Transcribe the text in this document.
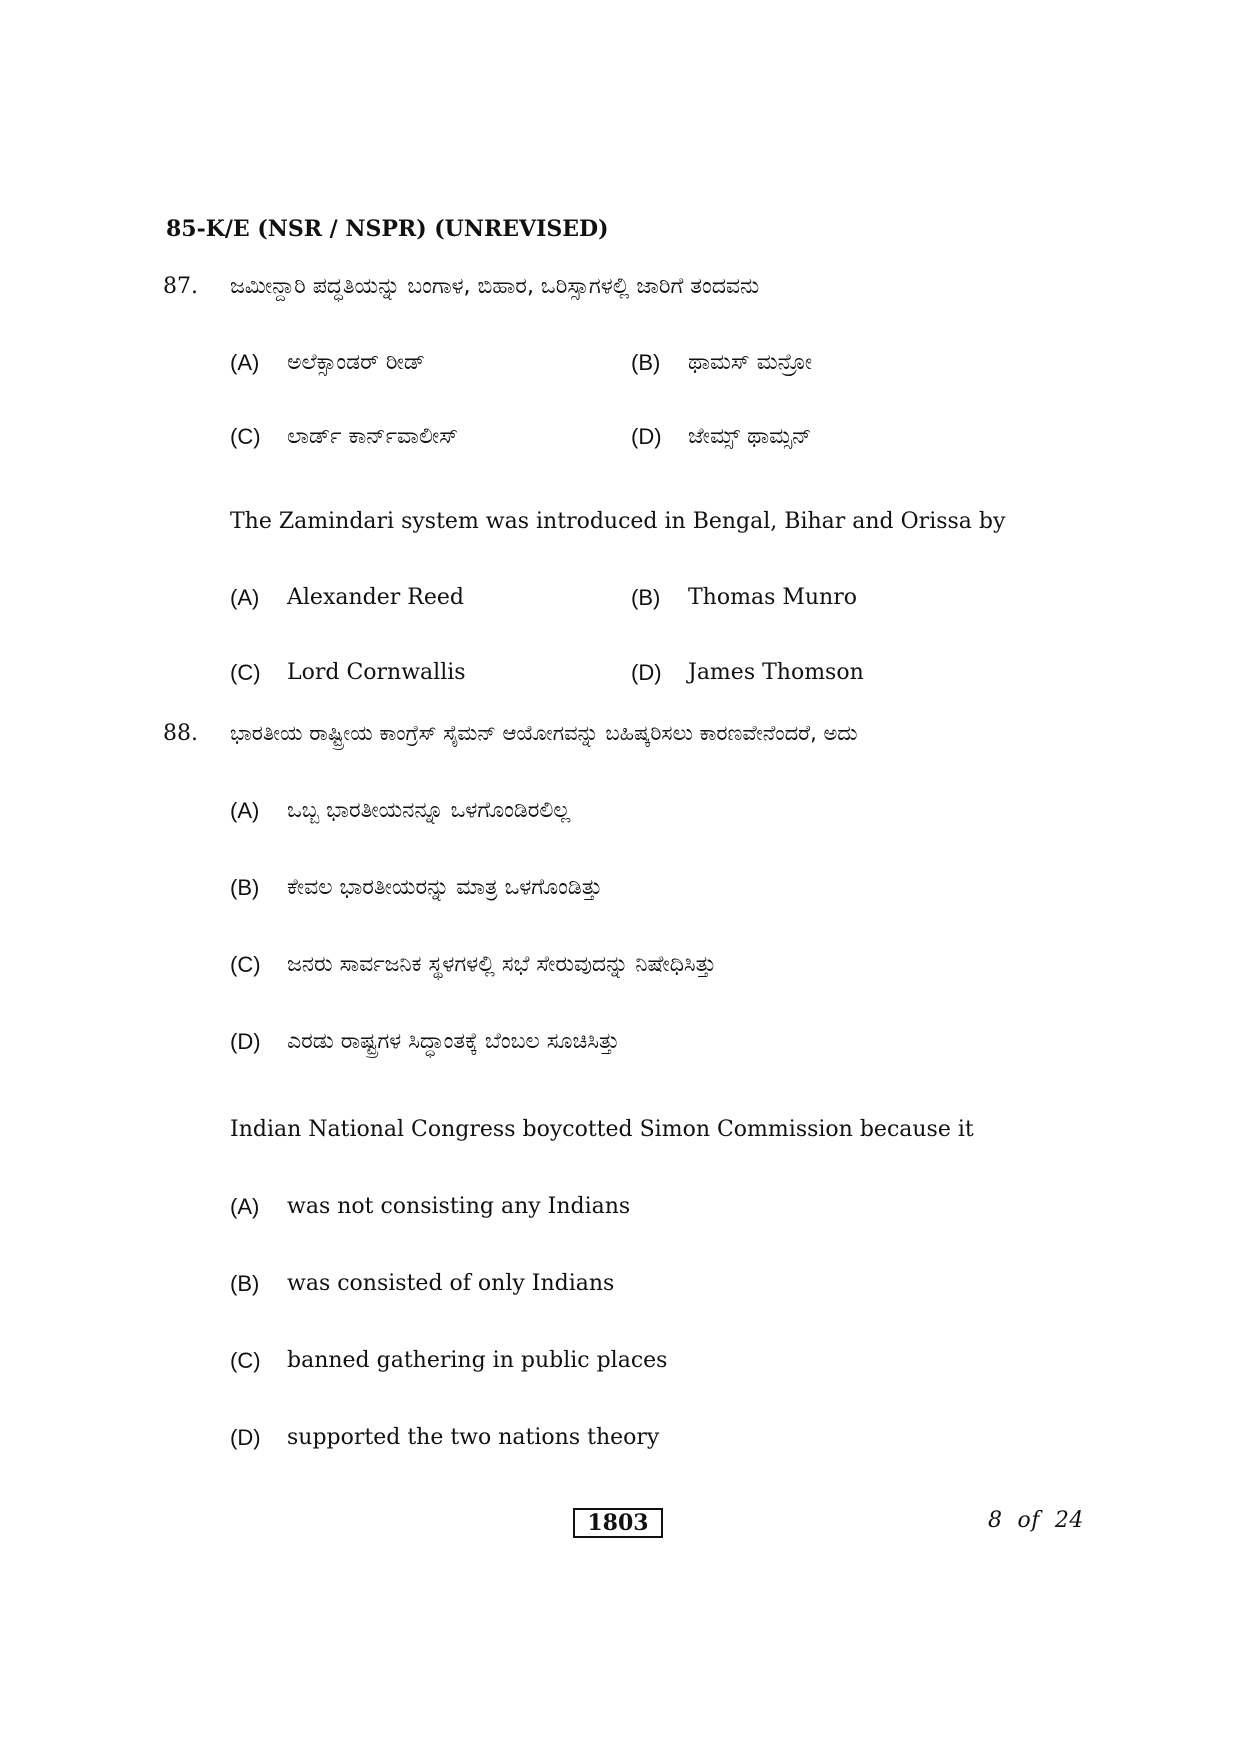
85-K/E (NSR / NSPR) (UNREVISED)
87. ಜಮೀನ್ದಾರಿ ಪದ್ಧತಿಯನ್ನು ಬಂಗಾಳ, ಬಿಹಾರ, ಒರಿಸ್ಸಾಗಳಲ್ಲಿ ಜಾರಿಗೆ ತಂದವನು
(A) ಅಲೆಕ್ಸಾಂಡರ್ ರೀಡ್	(B) ಥಾಮಸ್ ಮನ್ರೋ
(C) ಲಾರ್ಡ್ ಕಾರ್ನ್‌ವಾಲೀಸ್	(D) ಜೇಮ್ಸ್ ಥಾಮ್ಸನ್
The Zamindari system was introduced in Bengal, Bihar and Orissa by
(A) Alexander Reed	(B) Thomas Munro
(C) Lord Cornwallis	(D) James Thomson
88. ಭಾರತೀಯ ರಾಷ್ಟ್ರೀಯ ಕಾಂಗ್ರೆಸ್ ಸೈಮನ್ ಆಯೋಗವನ್ನು ಬಹಿಷ್ಕರಿಸಲು ಕಾರಣವೇನೆಂದರೆ, ಅದು
(A) ಒಬ್ಬ ಭಾರತೀಯನನ್ನೂ ಒಳಗೊಂಡಿರಲಿಲ್ಲ
(B) ಕೇವಲ ಭಾರತೀಯರನ್ನು ಮಾತ್ರ ಒಳಗೊಂಡಿತ್ತು
(C) ಜನರು ಸಾರ್ವಜನಿಕ ಸ್ಥಳಗಳಲ್ಲಿ ಸಭೆ ಸೇರುವುದನ್ನು ನಿಷೇಧಿಸಿತ್ತು
(D) ಎರಡು ರಾಷ್ಟ್ರಗಳ ಸಿದ್ಧಾಂತಕ್ಕೆ ಬೆಂಬಲ ಸೂಚಿಸಿತ್ತು
Indian National Congress boycotted Simon Commission because it
(A) was not consisting any Indians
(B) was consisted of only Indians
(C) banned gathering in public places
(D) supported the two nations theory
1803	8  of  24
